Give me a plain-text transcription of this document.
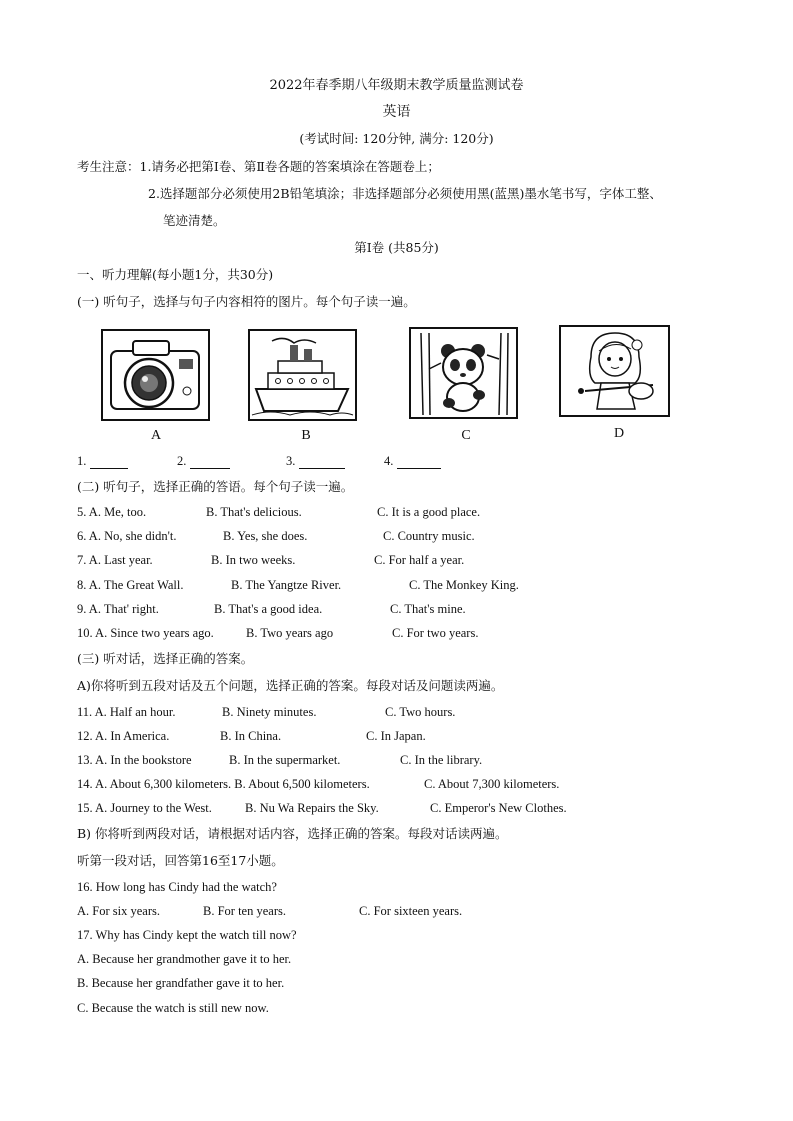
2022年春季期八年级期末教学质量监测试卷
英语
(考试时间: 120分钟, 满分: 120分)
考生注意：1.请务必把第Ⅰ卷、第Ⅱ卷各题的答案填涂在答题卷上；
2.选择题部分必须使用2B铅笔填涂；非选择题部分必须使用黑(蓝黑)墨水笔书写，字体工整、
笔迹清楚。
第Ⅰ卷 (共85分)
一、听力理解(每小题1分，共30分)
(一) 听句子，选择与句子内容相符的图片。每个句子读一遍。
A	B	C	D
1.	2.	3.	4.
(二) 听句子，选择正确的答语。每个句子读一遍。
5. A. Me, too.	B. That's delicious.	C. It is a good place.
6. A. No, she didn't.	B. Yes, she does.	C. Country music.
7. A. Last year.	B. In two weeks.	C. For half a year.
8. A. The Great Wall.	B. The Yangtze River.	C. The Monkey King.
9. A. That' right.	B. That's a good idea.	C. That's mine.
10. A. Since two years ago.	B. Two years ago	C. For two years.
(三) 听对话，选择正确的答案。
A)你将听到五段对话及五个问题，选择正确的答案。每段对话及问题读两遍。
11. A. Half an hour.	B. Ninety minutes.	C. Two hours.
12. A. In America.	B. In China.	C. In Japan.
13. A. In the bookstore	B. In the supermarket.	C. In the library.
14. A. About 6,300 kilometers. B. About 6,500 kilometers.	C. About 7,300 kilometers.
15. A. Journey to the West.	B. Nu Wa Repairs the Sky.	C. Emperor's New Clothes.
B) 你将听到两段对话，请根据对话内容，选择正确的答案。每段对话读两遍。
听第一段对话，回答第16至17小题。
16. How long has Cindy had the watch?
A. For six years.	B. For ten years.	C. For sixteen years.
17. Why has Cindy kept the watch till now?
A. Because her grandmother gave it to her.
B. Because her grandfather gave it to her.
C. Because the watch is still new now.
